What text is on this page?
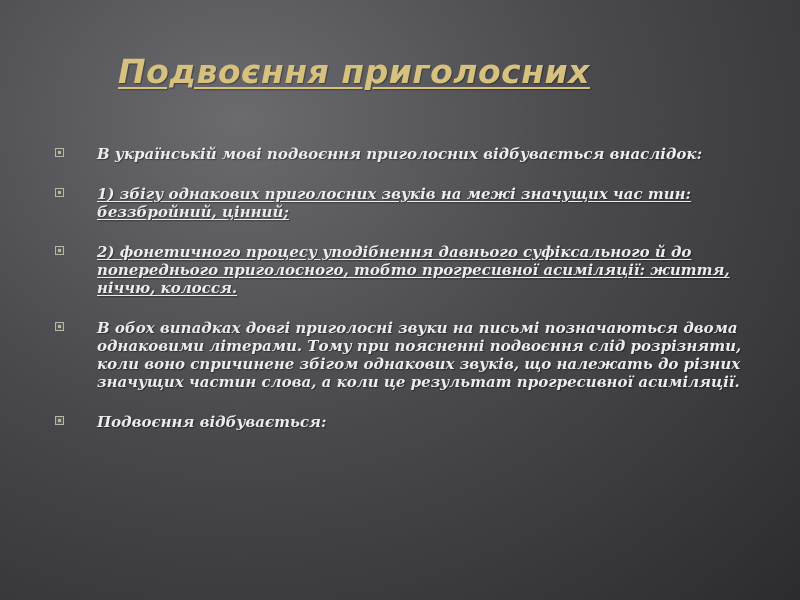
Подвоєння приголосних
В українській мові подвоєння приголосних відбувається внаслідок:
1) збігу однакових приголосних звуків на межі значущих час тин: беззбройний, цінний;
2) фонетичного процесу уподібнення давнього суфіксального й до попереднього приголосного, тобто прогресивної асиміляції: життя, ніччю, колосся.
В обох випадках довгі приголосні звуки на письмі позначаються двома однаковими літерами. Тому при поясненні подвоєння слід розрізняти, коли воно спричинене збігом однакових звуків, що належать до різних значущих частин слова, а коли це результат прогресивної асиміляції.
Подвоєння відбувається:
